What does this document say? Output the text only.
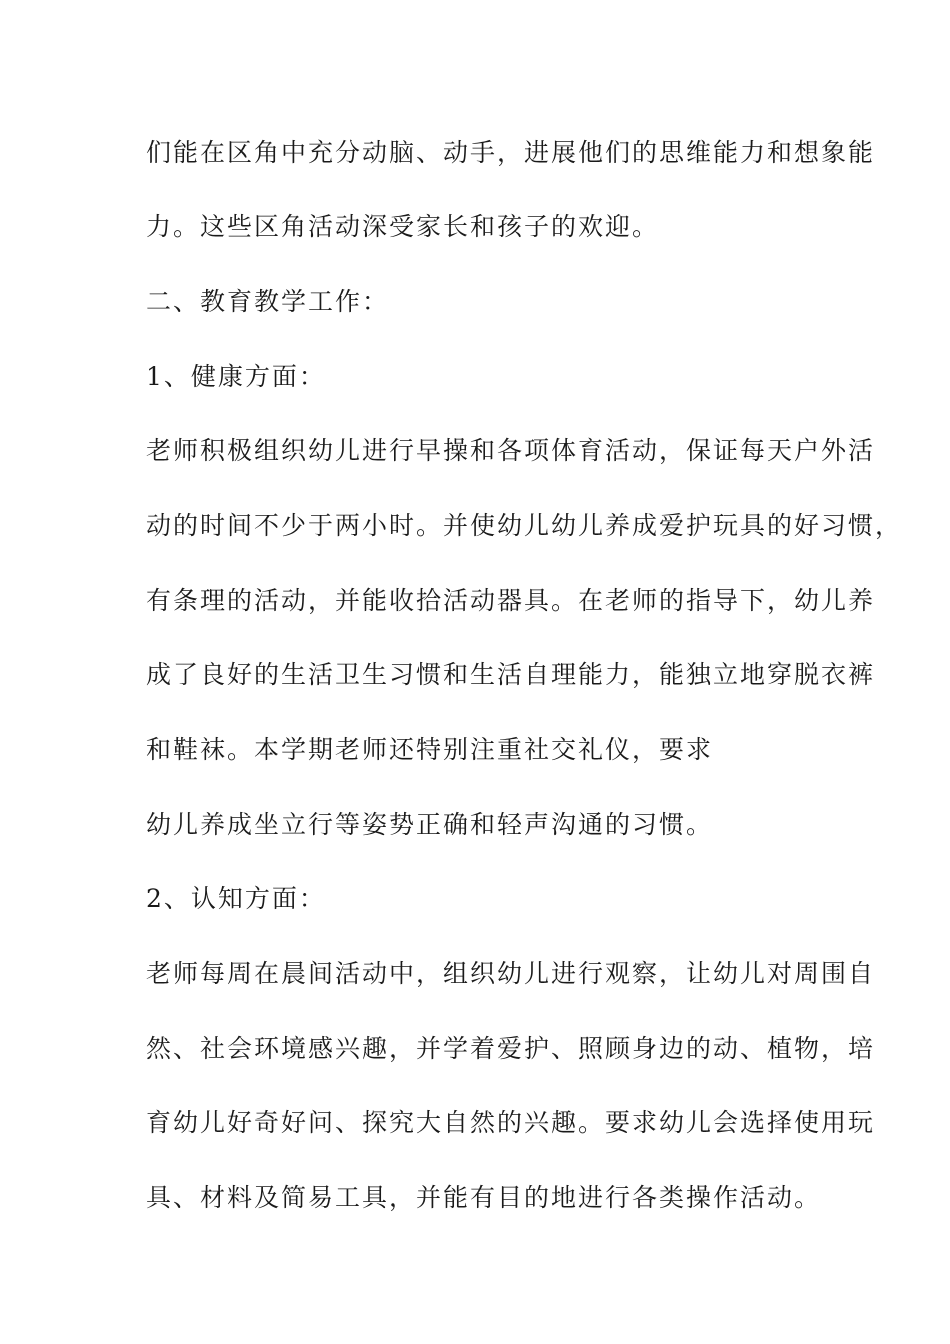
们能在区角中充分动脑、动手，进展他们的思维能力和想象能
力。这些区角活动深受家长和孩子的欢迎。
二、教育教学工作：
1、健康方面：
老师积极组织幼儿进行早操和各项体育活动，保证每天户外活
动的时间不少于两小时。并使幼儿幼儿养成爱护玩具的好习惯，
有条理的活动，并能收拾活动器具。在老师的指导下，幼儿养
成了良好的生活卫生习惯和生活自理能力，能独立地穿脱衣裤
和鞋袜。本学期老师还特别注重社交礼仪，要求
幼儿养成坐立行等姿势正确和轻声沟通的习惯。
2、认知方面：
老师每周在晨间活动中，组织幼儿进行观察，让幼儿对周围自
然、社会环境感兴趣，并学着爱护、照顾身边的动、植物，培
育幼儿好奇好问、探究大自然的兴趣。要求幼儿会选择使用玩
具、材料及简易工具，并能有目的地进行各类操作活动。
